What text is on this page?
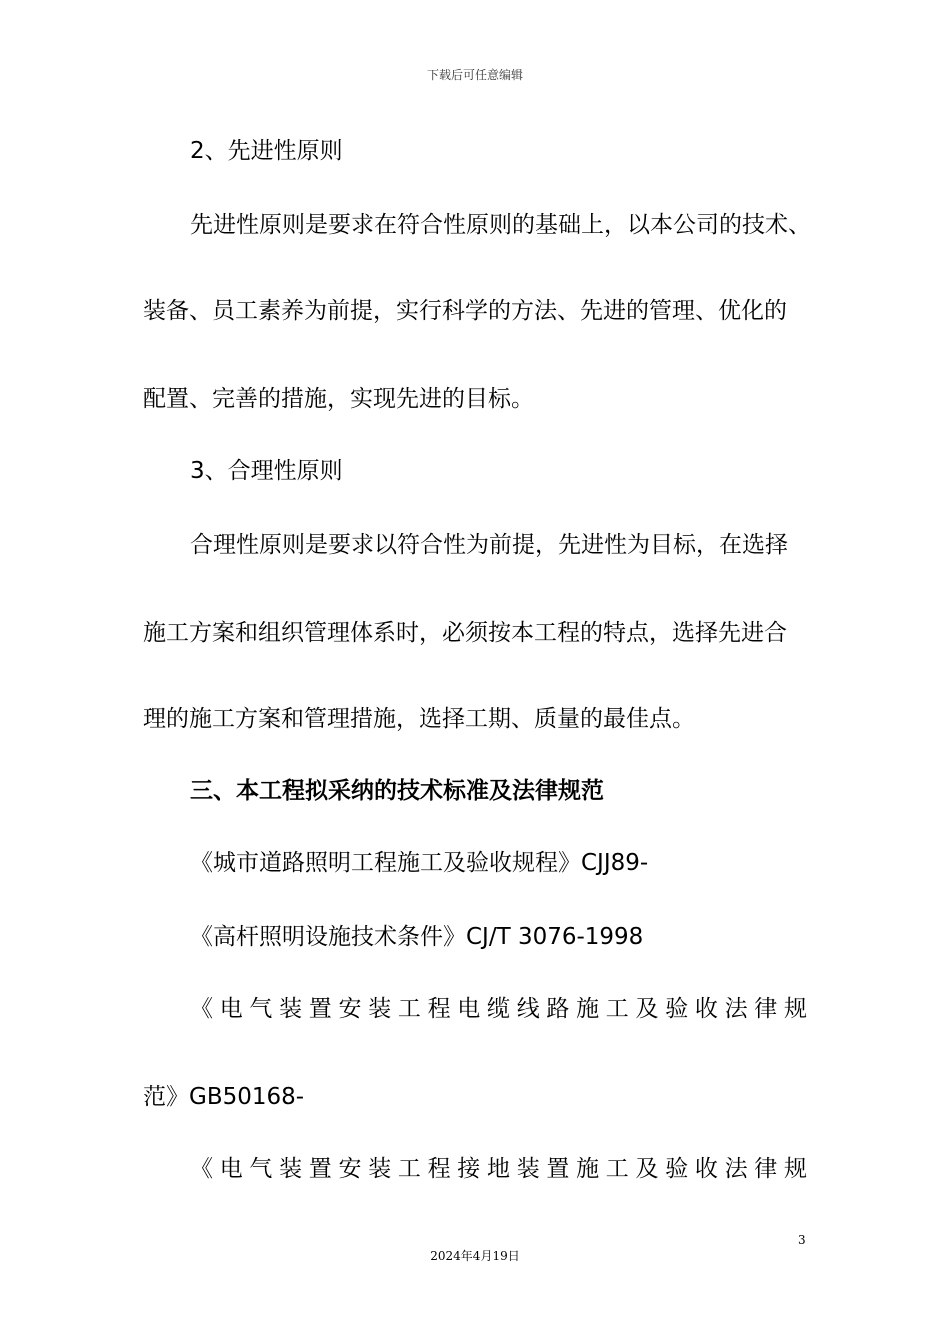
下载后可任意编辑
2、先进性原则
先进性原则是要求在符合性原则的基础上，以本公司的技术、
装备、员工素养为前提，实行科学的方法、先进的管理、优化的
配置、完善的措施，实现先进的目标。
3、合理性原则
合理性原则是要求以符合性为前提，先进性为目标，在选择
施工方案和组织管理体系时，必须按本工程的特点，选择先进合
理的施工方案和管理措施，选择工期、质量的最佳点。
三、本工程拟采纳的技术标准及法律规范
《城市道路照明工程施工及验收规程》CJJ89-
《高杆照明设施技术条件》CJ/T 3076-1998
《电气装置安装工程电缆线路施工及验收法律规
范》GB50168-
《电气装置安装工程接地装置施工及验收法律规
3
2024年4月19日
